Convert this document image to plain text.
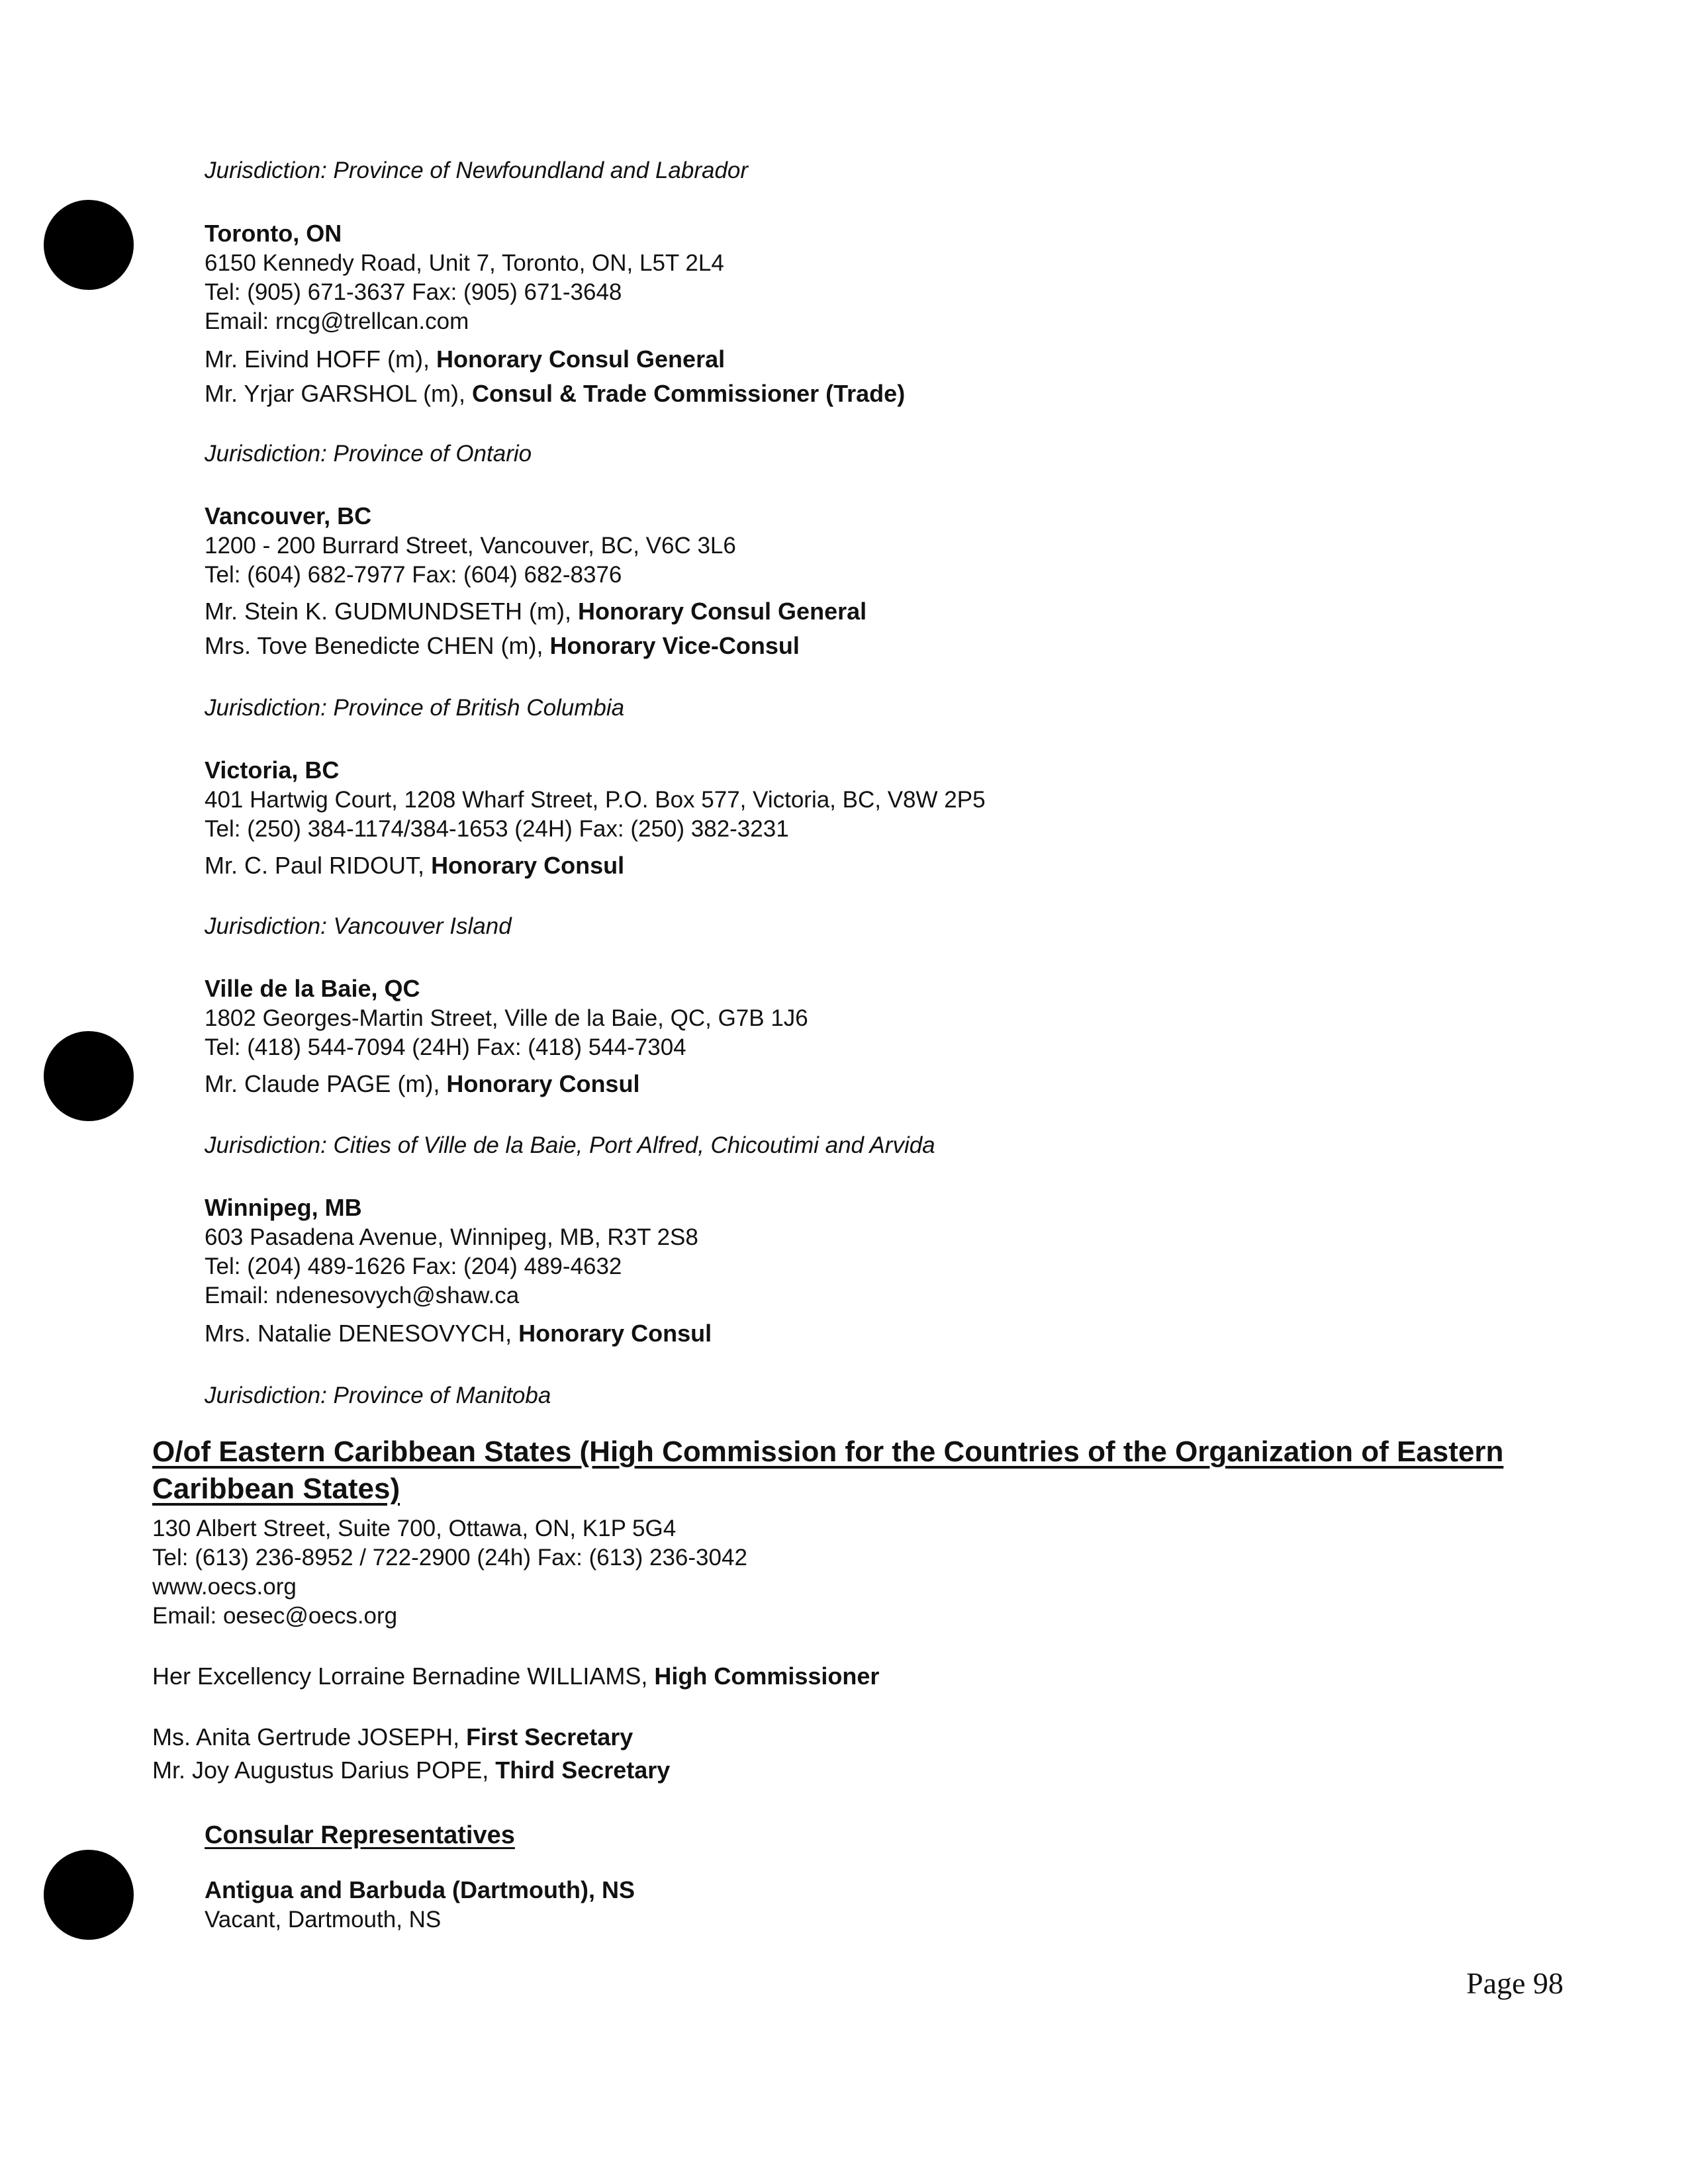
Jurisdiction: Province of Newfoundland and Labrador
Toronto, ON
6150 Kennedy Road, Unit 7, Toronto, ON, L5T 2L4
Tel: (905) 671-3637 Fax: (905) 671-3648
Email: rncg@trellcan.com
Mr. Eivind HOFF (m), Honorary Consul General
Mr. Yrjar GARSHOL (m), Consul & Trade Commissioner (Trade)
Jurisdiction: Province of Ontario
Vancouver, BC
1200 - 200 Burrard Street, Vancouver, BC, V6C 3L6
Tel: (604) 682-7977 Fax: (604) 682-8376
Mr. Stein K. GUDMUNDSETH (m), Honorary Consul General
Mrs. Tove Benedicte CHEN (m), Honorary Vice-Consul
Jurisdiction: Province of British Columbia
Victoria, BC
401 Hartwig Court, 1208 Wharf Street, P.O. Box 577, Victoria, BC, V8W 2P5
Tel: (250) 384-1174/384-1653 (24H) Fax: (250) 382-3231
Mr. C. Paul RIDOUT, Honorary Consul
Jurisdiction: Vancouver Island
Ville de la Baie, QC
1802 Georges-Martin Street, Ville de la Baie, QC, G7B 1J6
Tel: (418) 544-7094 (24H) Fax: (418) 544-7304
Mr. Claude PAGE (m), Honorary Consul
Jurisdiction: Cities of Ville de la Baie, Port Alfred, Chicoutimi and Arvida
Winnipeg, MB
603 Pasadena Avenue, Winnipeg, MB, R3T 2S8
Tel: (204) 489-1626 Fax: (204) 489-4632
Email: ndenesovych@shaw.ca
Mrs. Natalie DENESOVYCH, Honorary Consul
Jurisdiction: Province of Manitoba
O/of Eastern Caribbean States (High Commission for the Countries of the Organization of Eastern Caribbean States)
130 Albert Street, Suite 700, Ottawa, ON, K1P 5G4
Tel: (613) 236-8952 / 722-2900 (24h) Fax: (613) 236-3042
www.oecs.org
Email: oesec@oecs.org
Her Excellency Lorraine Bernadine WILLIAMS, High Commissioner
Ms. Anita Gertrude JOSEPH, First Secretary
Mr. Joy Augustus Darius POPE, Third Secretary
Consular Representatives
Antigua and Barbuda (Dartmouth), NS
Vacant, Dartmouth, NS
Page 98
